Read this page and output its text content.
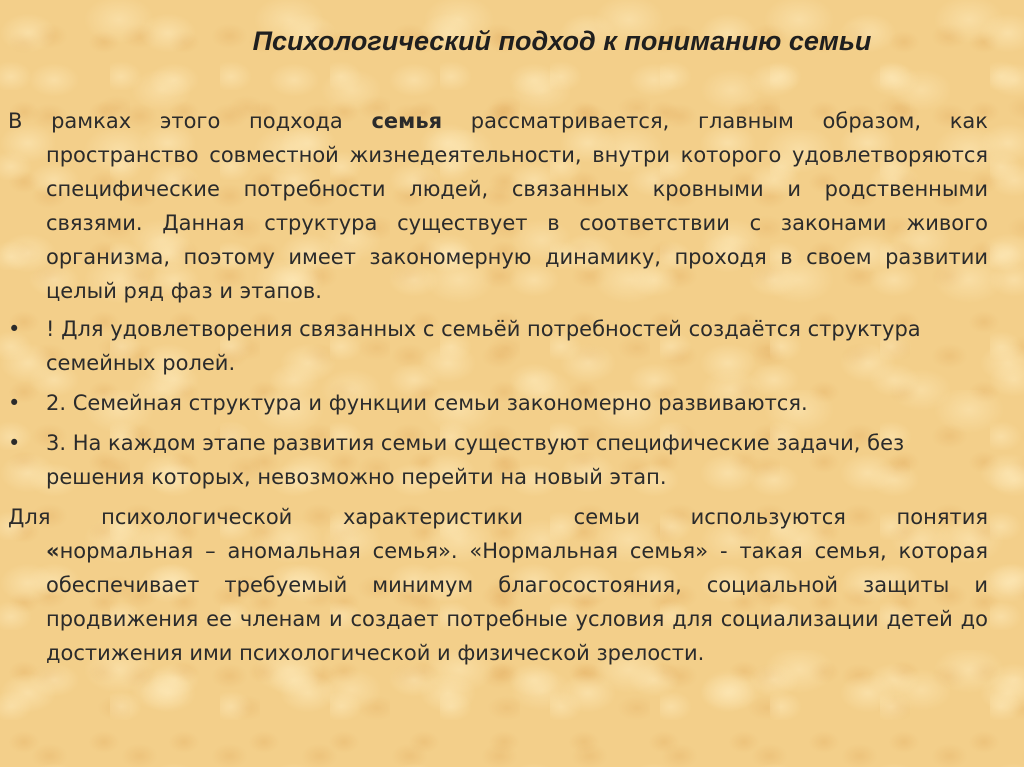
Психологический подход к пониманию семьи

В рамках этого подхода семья рассматривается, главным образом, как

пространство совместной жизнедеятельности, внутри которого удовлетворяются специфические потребности людей, связанных кровными и родственными связями. Данная структура существует в соответствии с законами живого организма, поэтому имеет закономерную динамику, проходя в своем развитии целый ряд фаз и этапов.

•	! Для удовлетворения связанных с семьёй потребностей создаётся структура семейных ролей.
•	2. Семейная структура и функции семьи закономерно развиваются.
•	3. На каждом этапе развития семьи существуют специфические задачи, без решения которых, невозможно перейти на новый этап.

Для психологической характеристики семьи используются понятия

«нормальная – аномальная семья». «Нормальная семья» - такая семья, которая обеспечивает требуемый минимум благосостояния, социальной защиты и продвижения ее членам и создает потребные условия для социализации детей до достижения ими психологической и физической зрелости.
